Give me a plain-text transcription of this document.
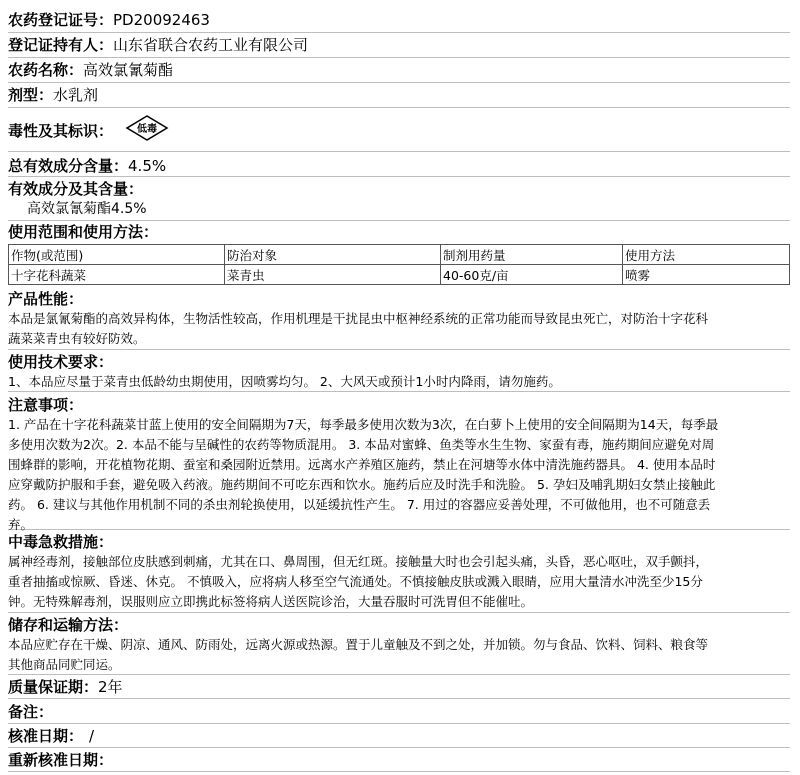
农药登记证号： PD20092463
登记证持有人： 山东省联合农药工业有限公司
农药名称： 高效氯氰菊酯
剂型： 水乳剂
毒性及其标识： 低毒
总有效成分含量： 4.5%
有效成分及其含量：
高效氯氰菊酯4.5%
使用范围和使用方法：
作物(或范围)	防治对象	制剂用药量	使用方法
十字花科蔬菜	菜青虫	40-60克/亩	喷雾
产品性能：

本品是氯氰菊酯的高效异构体，生物活性较高，作用机理是干扰昆虫中枢神经系统的正常功能而导致昆虫死亡，对防治十字花科

蔬菜菜青虫有较好防效。

使用技术要求：

1、本品应尽量于菜青虫低龄幼虫期使用，因喷雾均匀。 2、大风天或预计1小时内降雨，请勿施药。

注意事项：

1. 产品在十字花科蔬菜甘蓝上使用的安全间隔期为7天，每季最多使用次数为3次，在白萝卜上使用的安全间隔期为14天，每季最

多使用次数为2次。2. 本品不能与呈碱性的农药等物质混用。 3. 本品对蜜蜂、鱼类等水生生物、家蚕有毒，施药期间应避免对周

围蜂群的影响，开花植物花期、蚕室和桑园附近禁用。远离水产养殖区施药，禁止在河塘等水体中清洗施药器具。 4. 使用本品时

应穿戴防护服和手套，避免吸入药液。施药期间不可吃东西和饮水。施药后应及时洗手和洗脸。 5. 孕妇及哺乳期妇女禁止接触此

药。 6. 建议与其他作用机制不同的杀虫剂轮换使用，以延缓抗性产生。 7. 用过的容器应妥善处理，不可做他用，也不可随意丢

弃。

中毒急救措施：

属神经毒剂，接触部位皮肤感到刺痛，尤其在口、鼻周围，但无红斑。接触量大时也会引起头痛，头昏，恶心呕吐，双手颤抖，

重者抽搐或惊厥、昏迷、休克。 不慎吸入，应将病人移至空气流通处。不慎接触皮肤或溅入眼睛，应用大量清水冲洗至少15分

钟。无特殊解毒剂，误服则应立即携此标签将病人送医院诊治，大量吞服时可洗胃但不能催吐。

储存和运输方法：

本品应贮存在干燥、阴凉、通风、防雨处，远离火源或热源。置于儿童触及不到之处，并加锁。勿与食品、饮料、饲料、粮食等

其他商品同贮同运。

质量保证期： 2年
备注：
核准日期： /
重新核准日期：
